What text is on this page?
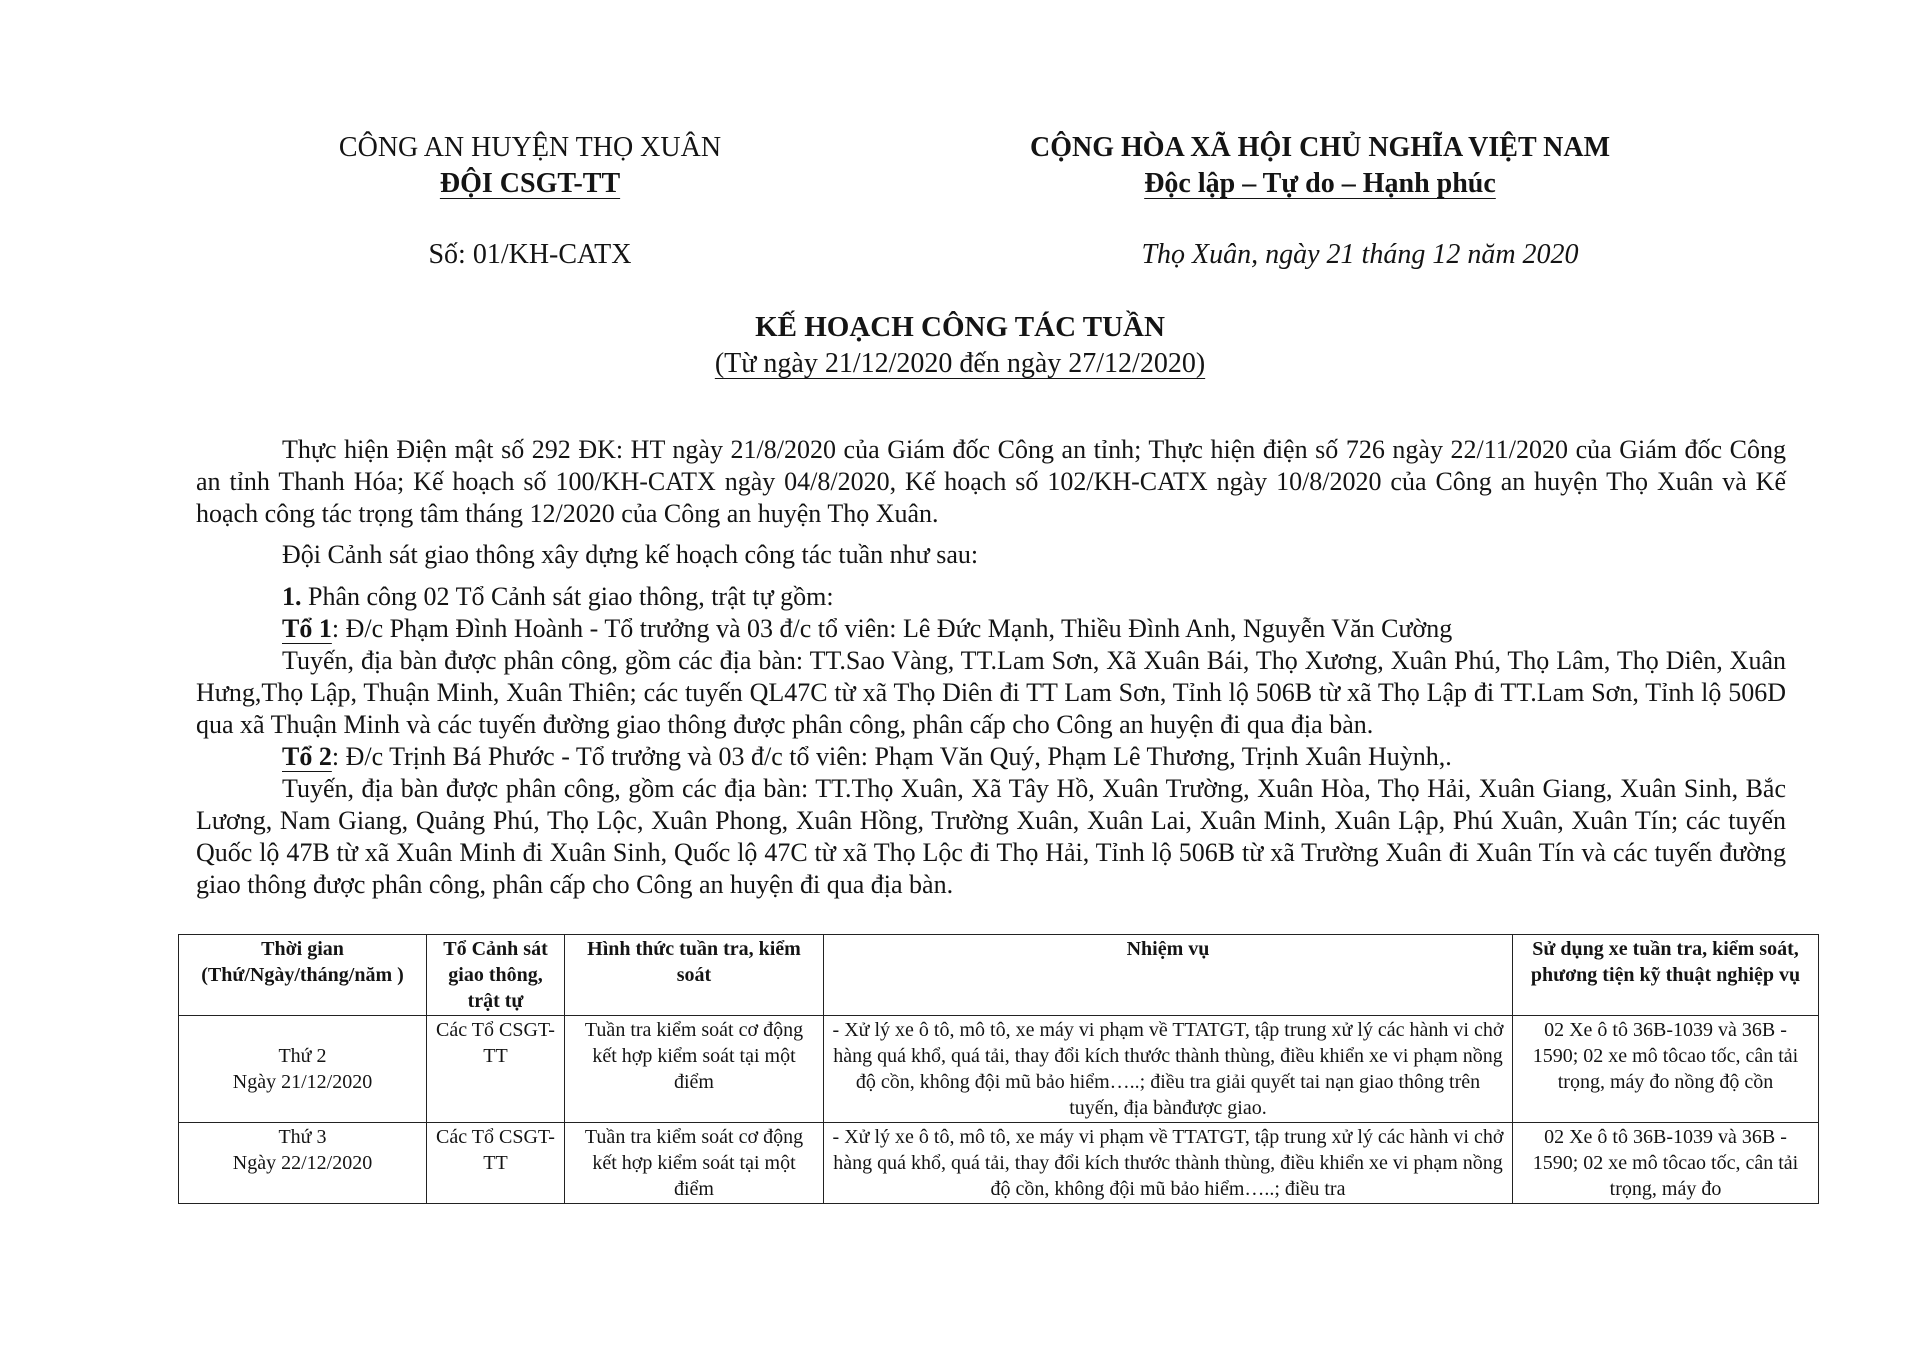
CÔNG AN HUYỆN THỌ XUÂN
ĐỘI CSGT-TT
Số: 01/KH-CATX
CỘNG HÒA XÃ HỘI CHỦ NGHĨA VIỆT NAM
Độc lập – Tự do – Hạnh phúc
Thọ Xuân, ngày 21 tháng 12 năm 2020
KẾ HOẠCH CÔNG TÁC TUẦN
(Từ ngày 21/12/2020 đến ngày 27/12/2020)

Thực hiện Điện mật số 292 ĐK: HT ngày 21/8/2020 của Giám đốc Công an tỉnh; Thực hiện điện số 726 ngày 22/11/2020 của Giám đốc Công an tỉnh Thanh Hóa; Kế hoạch số 100/KH-CATX ngày 04/8/2020, Kế hoạch số 102/KH-CATX ngày 10/8/2020 của Công an huyện Thọ Xuân và Kế hoạch công tác trọng tâm tháng 12/2020 của Công an huyện Thọ Xuân.

Đội Cảnh sát giao thông xây dựng kế hoạch công tác tuần như sau:

1. Phân công 02 Tổ Cảnh sát giao thông, trật tự gồm:

Tổ 1: Đ/c Phạm Đình Hoành - Tổ trưởng và 03 đ/c tổ viên: Lê Đức Mạnh, Thiều Đình Anh, Nguyễn Văn Cường

Tuyến, địa bàn được phân công, gồm các địa bàn: TT.Sao Vàng, TT.Lam Sơn, Xã Xuân Bái, Thọ Xương, Xuân Phú, Thọ Lâm, Thọ Diên, Xuân Hưng,Thọ Lập, Thuận Minh, Xuân Thiên; các tuyến QL47C từ xã Thọ Diên đi TT Lam Sơn, Tỉnh lộ 506B từ xã Thọ Lập đi TT.Lam Sơn, Tỉnh lộ 506D qua xã Thuận Minh và các tuyến đường giao thông được phân công, phân cấp cho Công an huyện đi qua địa bàn.

Tổ 2: Đ/c Trịnh Bá Phước - Tổ trưởng và 03 đ/c tổ viên: Phạm Văn Quý, Phạm Lê Thương, Trịnh Xuân Huỳnh,.

Tuyến, địa bàn được phân công, gồm các địa bàn: TT.Thọ Xuân, Xã Tây Hồ, Xuân Trường, Xuân Hòa, Thọ Hải, Xuân Giang, Xuân Sinh, Bắc Lương, Nam Giang, Quảng Phú, Thọ Lộc, Xuân Phong, Xuân Hồng, Trường Xuân, Xuân Lai, Xuân Minh, Xuân Lập, Phú Xuân, Xuân Tín; các tuyến Quốc lộ 47B từ xã Xuân Minh đi Xuân Sinh, Quốc lộ 47C từ xã Thọ Lộc đi Thọ Hải, Tỉnh lộ 506B từ xã Trường Xuân đi Xuân Tín và các tuyến đường giao thông được phân công, phân cấp cho Công an huyện đi qua địa bàn.

Thời gian (Thứ/Ngày/tháng/năm )	Tổ Cảnh sát giao thông, trật tự	Hình thức tuần tra, kiểm soát	Nhiệm vụ	Sử dụng xe tuần tra, kiểm soát, phương tiện kỹ thuật nghiệp vụ

Thứ 2
Ngày 21/12/2020	Các Tổ CSGT-TT	Tuần tra kiểm soát cơ động kết hợp kiểm soát tại một điểm	- Xử lý xe ô tô, mô tô, xe máy vi phạm về TTATGT, tập trung xử lý các hành vi chở hàng quá khổ, quá tải, thay đổi kích thước thành thùng, điều khiển xe vi phạm nồng độ cồn, không đội mũ bảo hiểm…..; điều tra giải quyết tai nạn giao thông trên tuyến, địa bànđược giao.	02 Xe ô tô 36B-1039 và 36B - 1590; 02 xe mô tôcao tốc, cân tải trọng, máy đo nồng độ cồn

Thứ 3
Ngày 22/12/2020	Các Tổ CSGT-TT	Tuần tra kiểm soát cơ động kết hợp kiểm soát tại một điểm	- Xử lý xe ô tô, mô tô, xe máy vi phạm về TTATGT, tập trung xử lý các hành vi chở hàng quá khổ, quá tải, thay đổi kích thước thành thùng, điều khiển xe vi phạm nồng độ cồn, không đội mũ bảo hiểm…..; điều tra	02 Xe ô tô 36B-1039 và 36B - 1590; 02 xe mô tôcao tốc, cân tải trọng, máy đo
